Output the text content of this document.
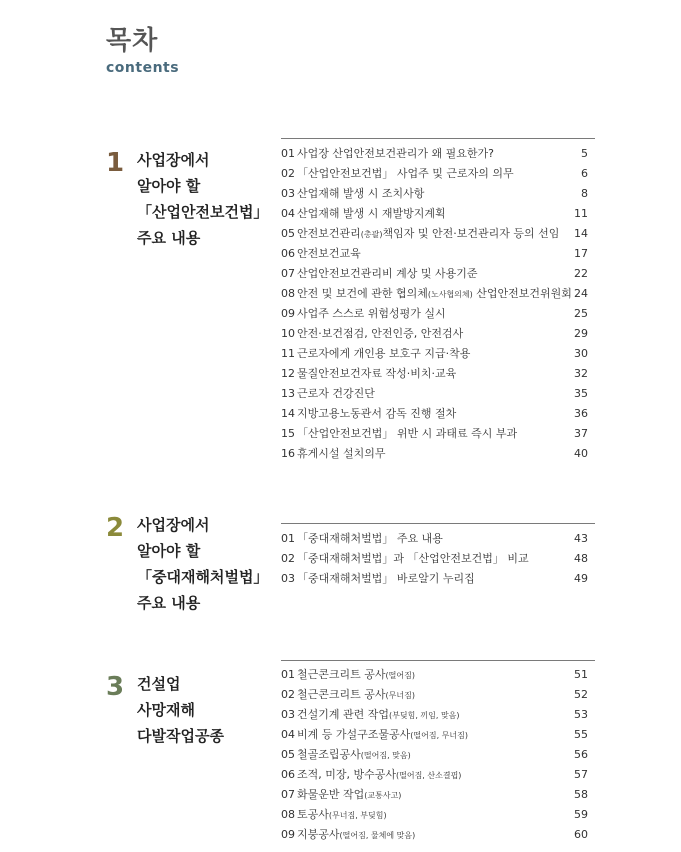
목차
contents
1 사업장에서
알아야 할
「산업안전보건법」
주요 내용
01 사업장 산업안전보건관리가 왜 필요한가?	5
02 「산업안전보건법」 사업주 및 근로자의 의무	6
03 산업재해 발생 시 조치사항	8
04 산업재해 발생 시 재발방지계획	11
05 안전보건관리(총괄)책임자 및 안전·보건관리자 등의 선임 14
06 안전보건교육	17
07 산업안전보건관리비 계상 및 사용기준	22
08 안전 및 보건에 관한 협의체(노사협의체) 산업안전보건위원회 24
09 사업주 스스로 위험성평가 실시	25
10 안전·보건점검, 안전인증, 안전검사	29
11 근로자에게 개인용 보호구 지급·착용	30
12 물질안전보건자료 작성·비치·교육	32
13 근로자 건강진단	35
14 지방고용노동관서 감독 진행 절차	36
15 「산업안전보건법」 위반 시 과태료 즉시 부과	37
16 휴게시설 설치의무	40
2 사업장에서
알아야 할
「중대재해처벌법」
주요 내용
01 「중대재해처벌법」 주요 내용	43
02 「중대재해처벌법」과 「산업안전보건법」 비교	48
03 「중대재해처벌법」 바로알기 누리집	49
3 건설업
사망재해
다발작업공종
01 철근콘크리트 공사(떨어짐)	51
02 철근콘크리트 공사(무너짐)	52
03 건설기계 관련 작업(부딪힘, 끼임, 맞음)	53
04 비계 등 가설구조물공사(떨어짐, 무너짐)	55
05 철골조립공사(떨어짐, 맞음)	56
06 조적, 미장, 방수공사(떨어짐, 산소결핍)	57
07 화물운반 작업(교통사고)	58
08 토공사(무너짐, 부딪힘)	59
09 지붕공사(떨어짐, 물체에 맞음)	60
